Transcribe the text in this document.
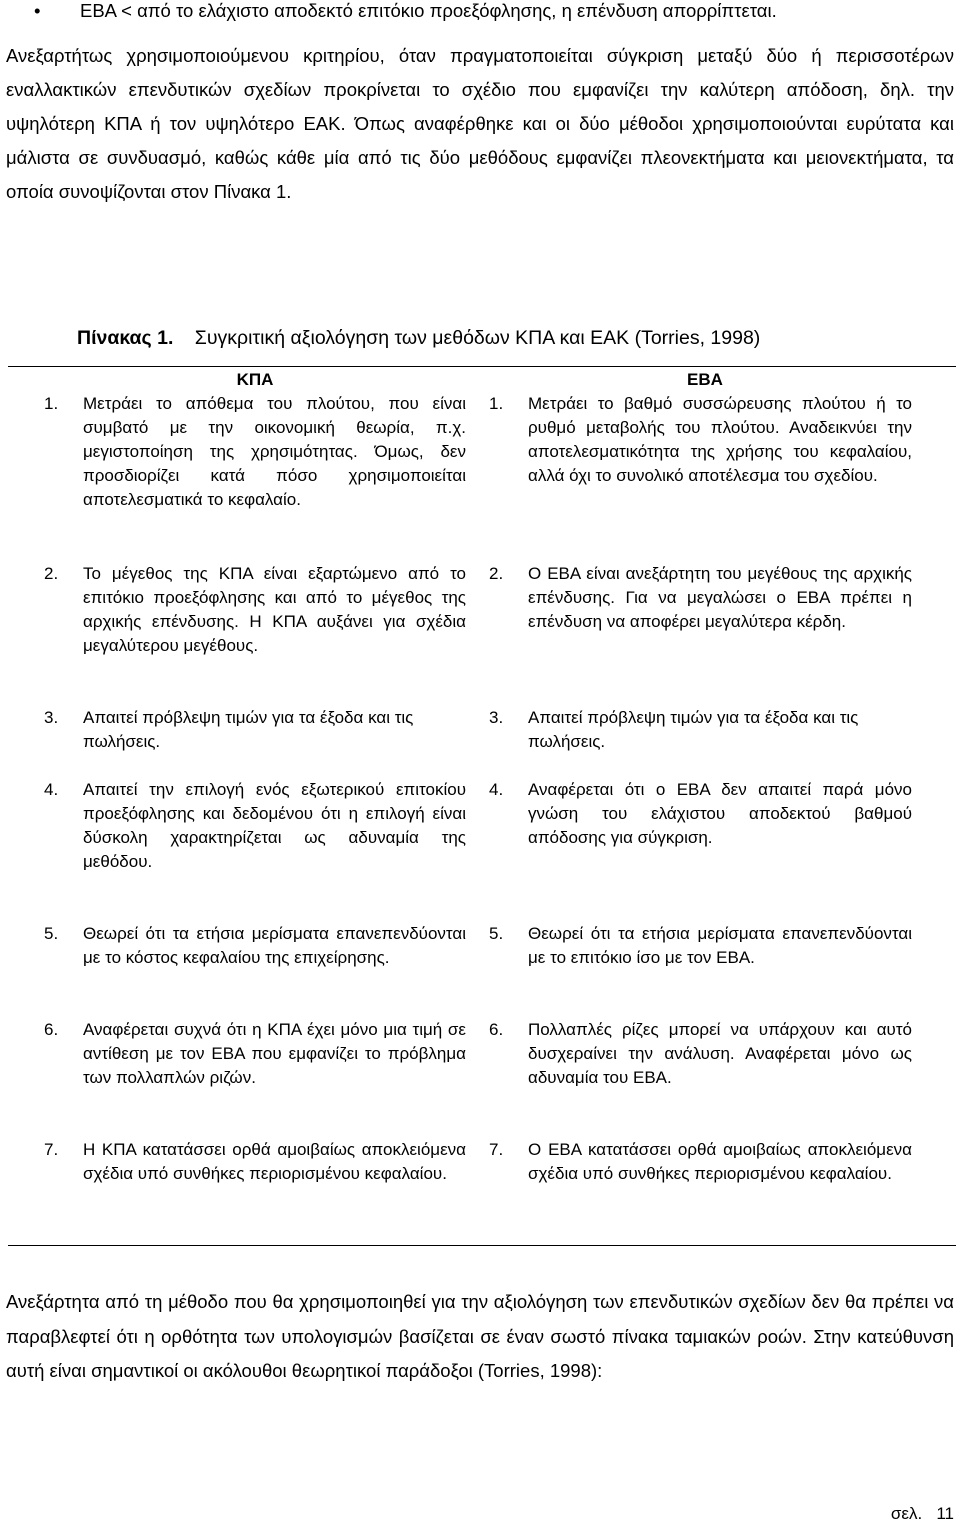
•	ΕΒΑ < από το ελάχιστο αποδεκτό επιτόκιο προεξόφλησης, η επένδυση απορρίπτεται.
Ανεξαρτήτως χρησιμοποιούμενου κριτηρίου, όταν πραγματοποιείται σύγκριση μεταξύ δύο ή περισσοτέρων εναλλακτικών επενδυτικών σχεδίων προκρίνεται το σχέδιο που εμφανίζει την καλύτερη απόδοση, δηλ. την υψηλότερη ΚΠΑ ή τον υψηλότερο ΕΑΚ. Όπως αναφέρθηκε και οι δύο μέθοδοι χρησιμοποιούνται ευρύτατα και μάλιστα σε συνδυασμό, καθώς κάθε μία από τις δύο μεθόδους εμφανίζει πλεονεκτήματα και μειονεκτήματα, τα οποία συνοψίζονται στον Πίνακα 1.
Πίνακας 1. Συγκριτική αξιολόγηση των μεθόδων ΚΠΑ και ΕΑΚ (Torries, 1998)
ΚΠΑ	ΕΒΑ
1. Μετράει το απόθεμα του πλούτου, που είναι συμβατό με την οικονομική θεωρία, π.χ. μεγιστοποίηση της χρησιμότητας. Όμως, δεν προσδιορίζει κατά πόσο χρησιμοποιείται αποτελεσματικά το κεφαλαίο.
1. Μετράει το βαθμό συσσώρευσης πλούτου ή το ρυθμό μεταβολής του πλούτου. Αναδεικνύει την αποτελεσματικότητα της χρήσης του κεφαλαίου, αλλά όχι το συνολικό αποτέλεσμα του σχεδίου.
2. Το μέγεθος της ΚΠΑ είναι εξαρτώμενο από το επιτόκιο προεξόφλησης και από το μέγεθος της αρχικής επένδυσης. Η ΚΠΑ αυξάνει για σχέδια μεγαλύτερου μεγέθους.
2. Ο ΕΒΑ είναι ανεξάρτητη του μεγέθους της αρχικής επένδυσης. Για να μεγαλώσει ο ΕΒΑ πρέπει η επένδυση να αποφέρει μεγαλύτερα κέρδη.
3. Απαιτεί πρόβλεψη τιμών για τα έξοδα και τις πωλήσεις.
3. Απαιτεί πρόβλεψη τιμών για τα έξοδα και τις πωλήσεις.
4. Απαιτεί την επιλογή ενός εξωτερικού επιτοκίου προεξόφλησης και δεδομένου ότι η επιλογή είναι δύσκολη χαρακτηρίζεται ως αδυναμία της μεθόδου.
4. Αναφέρεται ότι ο ΕΒΑ δεν απαιτεί παρά μόνο γνώση του ελάχιστου αποδεκτού βαθμού απόδοσης για σύγκριση.
5. Θεωρεί ότι τα ετήσια μερίσματα επανεπενδύονται με το κόστος κεφαλαίου της επιχείρησης.
5. Θεωρεί ότι τα ετήσια μερίσματα επανεπενδύονται με το επιτόκιο ίσο με τον ΕΒΑ.
6. Αναφέρεται συχνά ότι η ΚΠΑ έχει μόνο μια τιμή σε αντίθεση με τον ΕΒΑ που εμφανίζει το πρόβλημα των πολλαπλών ριζών.
6. Πολλαπλές ρίζες μπορεί να υπάρχουν και αυτό δυσχεραίνει την ανάλυση. Αναφέρεται μόνο ως αδυναμία του ΕΒΑ.
7. Η ΚΠΑ κατατάσσει ορθά αμοιβαίως αποκλειόμενα σχέδια υπό συνθήκες περιορισμένου κεφαλαίου.
7. Ο ΕΒΑ κατατάσσει ορθά αμοιβαίως αποκλειόμενα σχέδια υπό συνθήκες περιορισμένου κεφαλαίου.
Ανεξάρτητα από τη μέθοδο που θα χρησιμοποιηθεί για την αξιολόγηση των επενδυτικών σχεδίων δεν θα πρέπει να παραβλεφτεί ότι η ορθότητα των υπολογισμών βασίζεται σε έναν σωστό πίνακα ταμιακών ροών. Στην κατεύθυνση αυτή είναι σημαντικοί οι ακόλουθοι θεωρητικοί παράδοξοι (Torries, 1998):
σελ.   11
